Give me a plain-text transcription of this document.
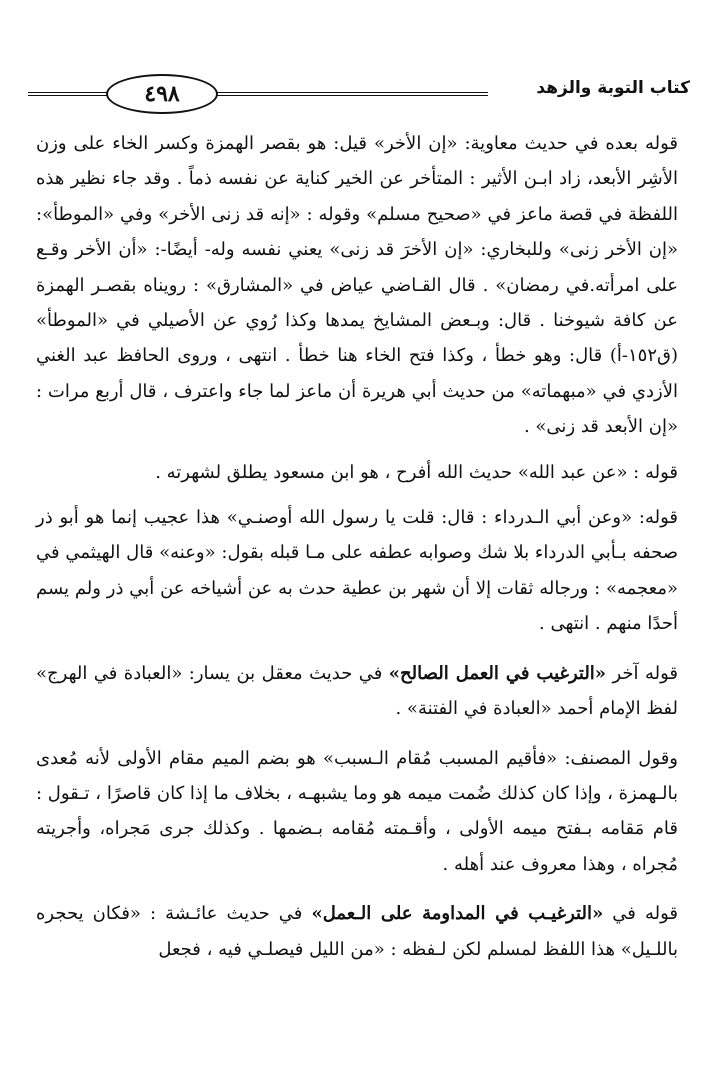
٤٩٨	كتاب التوبة والزهد

قوله بعده في حديث معاوية: «إن الأخر» قيل: هو بقصر الهمزة وكسر الخاء على وزن الأشِر الأبعد، زاد ابـن الأثير : المتأخر عن الخير كناية عن نفسه ذماً . وقد جاء نظير هذه اللفظة في قصة ماعز في «صحيح مسلم» وقوله : «إنه قد زنى الأخر» وفي «الموطأ»: «إن الأخر زنى» وللبخاري: «إن الأخرَ قد زنى» يعني نفسه وله- أيضًا-: «أن الأخر وقـع على امرأته.في رمضان» . قال القـاضي عياض في «المشارق» : رويناه بقصـر الهمزة عن كافة شيوخنا . قال: وبـعض المشايخ يمدها وكذا رُوي عن الأصيلي في «الموطأ» (ق١٥٢-أ) قال: وهو خطأ ، وكذا فتح الخاء هنا خطأ . انتهى ، وروى الحافظ عبد الغني الأزدي في «مبهماته» من حديث أبي هريرة أن ماعز لما جاء واعترف ، قال أربع مرات : «إن الأبعد قد زنى» .

قوله : «عن عبد الله» حديث الله أفرح ، هو ابن مسعود يطلق لشهرته .

قوله: «وعن أبي الـدرداء : قال: قلت يا رسول الله أوصنـي» هذا عجيب إنما هو أبو ذر صحفه بـأبي الدرداء بلا شك وصوابه عطفه على مـا قبله بقول: «وعنه» قال الهيثمي في «معجمه» : ورجاله ثقات إلا أن شهر بن عطية حدث به عن أشياخه عن أبي ذر ولم يسم أحدًا منهم . انتهى .

قوله آخر «الترغيب في العمل الصالح» في حديث معقل بن يسار: «العبادة في الهرج» لفظ الإمام أحمد «العبادة في الفتنة» .

وقول المصنف: «فأقيم المسبب مُقام الـسبب» هو بضم الميم مقام الأولى لأنه مُعدى بالـهمزة ، وإذا كان كذلك ضُمت ميمه هو وما يشبهـه ، بخلاف ما إذا كان قاصرًا ، تـقول : قام مَقامه بـفتح ميمه الأولى ، وأقـمته مُقامه بـضمها . وكذلك جرى مَجراه، وأجريته مُجراه ، وهذا معروف عند أهله .

قوله في «الترغيـب في المداومة على الـعمل» في حديث عائـشة : «فكان يحجره باللـيل» هذا اللفظ لمسلم لكن لـفظه : «من الليل فيصلـي فيه ، فجعل
